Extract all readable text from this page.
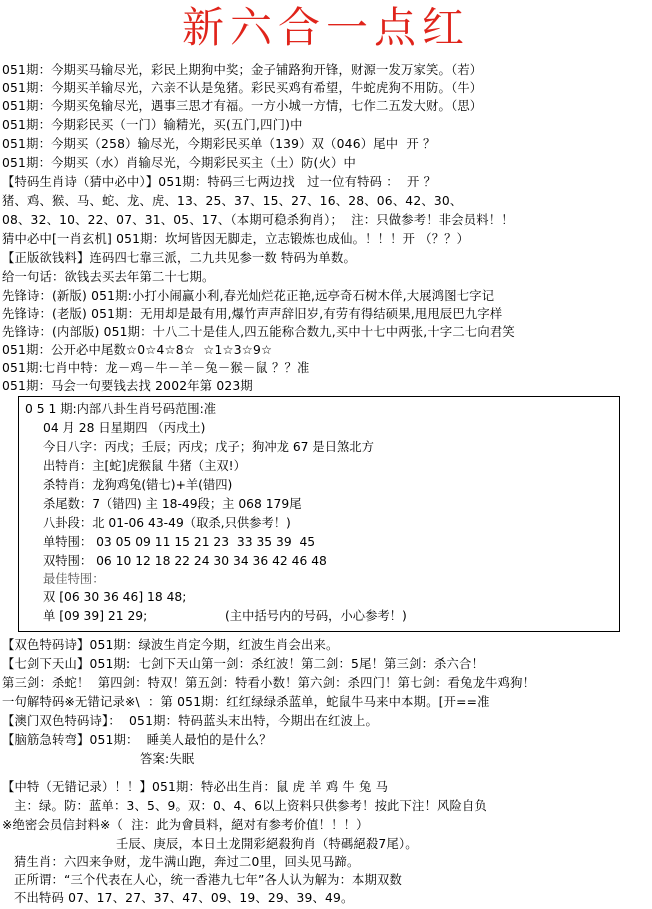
新六合一点红
051期：今期买马输尽光，彩民上期狗中奖；金子铺路狗开锋，财源一发万家笑。（若）
051期：今期买羊输尽光，六亲不认是兔猪。彩民买鸡有希望，牛蛇虎狗不用防。（牛）
051期：今期买兔输尽光，遇事三思才有福。一方小城一方情，七作二五发大财。（思）
051期：今期彩民买（一门）输精光，买(五门,四门)中
051期：今期买（258）输尽光，今期彩民买单（139）双（046）尾中  开 ？
051期：今期买（水）肖输尽光，今期彩民买主（土）防(火）中
【特码生肖诗（猜中必中）】051期：特码三七两边找   过一位有特码 ：  开 ？
猪、鸡、猴、马、蛇、龙、虎、13、25、37、15、27、16、28、06、42、30、
08、32、10、22、07、31、05、17、（本期可稳杀狗肖）；  注：只做参考！非会员料！！
猜中必中[一肖玄机] 051期：坎坷皆因无脚走，立志锻炼也成仙。！！！开 （？？）
【正版欲钱料】连码四七靠三派，二九共见参一数 特码为单数。
给一句话：欲钱去买去年第二十七期。
先锋诗：(新版) 051期:小打小闹赢小利,春光灿烂花正艳,远亭奇石树木佯,大展鸿图七字记
先锋诗：(老版) 051期：无用却是最有用,爆竹声声辞旧岁,有劳有得结硕果,甩甩辰巴九字样
先锋诗：(内部版) 051期：十八二十是佳人,四五能称合数九,买中十七中两张,十字二七向君笑
051期：公开必中尾数☆0☆4☆8☆  ☆1☆3☆9☆
051期:七肖中特：龙－鸡－牛－羊－兔－猴－鼠 ？？准
051期：马会一句要钱去找 2002年第 023期
0 5 1 期:内部八卦生肖号码范围:准
04 月 28 日星期四 （丙戌土)
今日八字：丙戌；壬辰；丙戌；戊子；狗冲龙 67 是日煞北方
出特肖：主[蛇]虎猴鼠 牛猪（主双!）
杀特肖：龙狗鸡兔(错七)+羊(错四)
杀尾数：7（错四) 主 18-49段；主 068 179尾
八卦段：北 01-06 43-49（取杀,只供参考！)
单特围： 03 05 09 11 15 21 23  33 35 39  45
双特围： 06 10 12 18 22 24 30 34 36 42 46 48
最佳特围：
双 [06 30 36 46] 18 48;
单 [09 39] 21 29;	(主中括号内的号码，小心参考！)
【双色特码诗】051期：绿波生肖定今期，红波生肖会出来。
【七剑下天山】051期:  七剑下天山第一剑：杀红波！第二剑：5尾！第三剑：杀六合！
第三剑：杀蛇！  第四剑：特双！第五剑：特看小数！第六剑：杀四门！第七剑：看兔龙牛鸡狗！
一句解特码※无错记录※\  ：第 051期：红红绿绿杀蓝单，蛇鼠牛马来中本期。[开==准
【澳门双色特码诗】：  051期：特码蓝头末出特，今期出在红波上。
【脑筋急转弯】051期：  睡美人最怕的是什么？
答案:失眠
【中特（无错记录）！！】051期：特必出生肖：鼠 虎 羊 鸡 牛 兔 马
主：绿。防：蓝单：3、5、9。双：0、4、6以上资料只供参考！按此下注！风险自负
※绝密会员信封料※（  注：此为會員料，絕对有参考价值！！！）
壬辰、庚辰，本日土龙開彩絕殺狗肖（特碼絕殺7尾）。
猜生肖：六四来争财，龙牛满山跑，奔过二0里，回头见马蹄。
正所谓：“三个代表在人心，统一香港九七年”各人认为解为：本期双数
不出特码 07、17、27、37、47、09、19、29、39、49。
